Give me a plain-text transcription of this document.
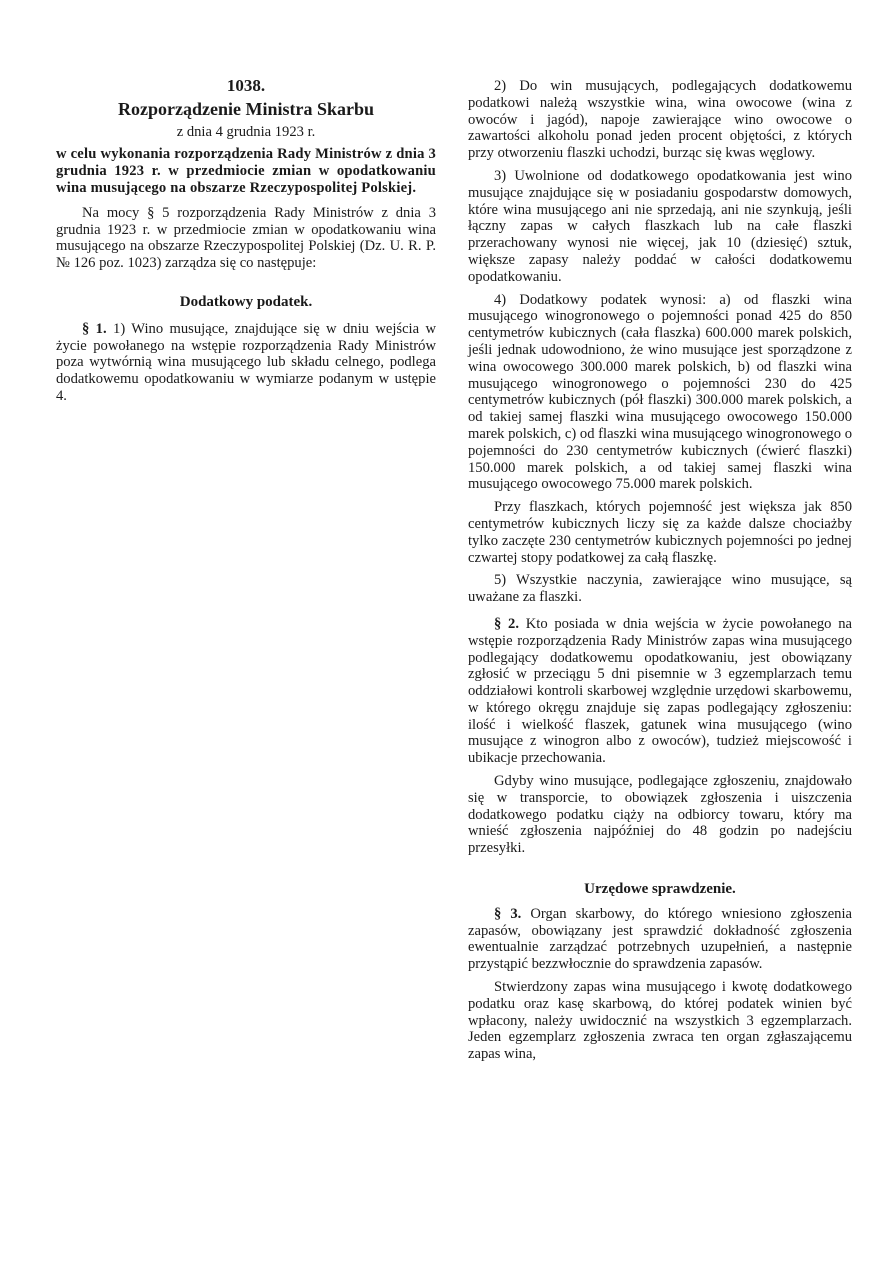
1038.

Rozporządzenie Ministra Skarbu

z dnia 4 grudnia 1923 r.

w celu wykonania rozporządzenia Rady Ministrów z dnia 3 grudnia 1923 r. w przedmiocie zmian w opodatkowaniu wina musującego na obszarze Rzeczypospolitej Polskiej.

Na mocy § 5 rozporządzenia Rady Ministrów z dnia 3 grudnia 1923 r. w przedmiocie zmian w opodatkowaniu wina musującego na obszarze Rzeczypospolitej Polskiej (Dz. U. R. P. № 126 poz. 1023) zarządza się co następuje:

Dodatkowy podatek.

§ 1. 1) Wino musujące, znajdujące się w dniu wejścia w życie powołanego na wstępie rozporządzenia Rady Ministrów poza wytwórnią wina musującego lub składu celnego, podlega dodatkowemu opodatkowaniu w wymiarze podanym w ustępie 4.

2) Do win musujących, podlegających dodatkowemu podatkowi należą wszystkie wina, wina owocowe (wina z owoców i jagód), napoje zawierające wino owocowe o zawartości alkoholu ponad jeden procent objętości, z których przy otworzeniu flaszki uchodzi, burząc się kwas węglowy.

3) Uwolnione od dodatkowego opodatkowania jest wino musujące znajdujące się w posiadaniu gospodarstw domowych, które wina musującego ani nie sprzedają, ani nie szynkują, jeśli łączny zapas w całych flaszkach lub na całe flaszki przerachowany wynosi nie więcej, jak 10 (dziesięć) sztuk, większe zapasy należy poddać w całości dodatkowemu opodatkowaniu.

4) Dodatkowy podatek wynosi: a) od flaszki wina musującego winogronowego o pojemności ponad 425 do 850 centymetrów kubicznych (cała flaszka) 600.000 marek polskich, jeśli jednak udowodniono, że wino musujące jest sporządzone z wina owocowego 300.000 marek polskich, b) od flaszki wina musującego winogronowego o pojemności 230 do 425 centymetrów kubicznych (pół flaszki) 300.000 marek polskich, a od takiej samej flaszki wina musującego owocowego 150.000 marek polskich, c) od flaszki wina musującego winogronowego o pojemności do 230 centymetrów kubicznych (ćwierć flaszki) 150.000 marek polskich, a od takiej samej flaszki wina musującego owocowego 75.000 marek polskich.

Przy flaszkach, których pojemność jest większa jak 850 centymetrów kubicznych liczy się za każde dalsze chociażby tylko zaczęte 230 centymetrów kubicznych pojemności po jednej czwartej stopy podatkowej za całą flaszkę.

5) Wszystkie naczynia, zawierające wino musujące, są uważane za flaszki.

§ 2. Kto posiada w dnia wejścia w życie powołanego na wstępie rozporządzenia Rady Ministrów zapas wina musującego podlegający dodatkowemu opodatkowaniu, jest obowiązany zgłosić w przeciągu 5 dni pisemnie w 3 egzemplarzach temu oddziałowi kontroli skarbowej względnie urzędowi skarbowemu, w którego okręgu znajduje się zapas podlegający zgłoszeniu: ilość i wielkość flaszek, gatunek wina musującego (wino musujące z winogron albo z owoców), tudzież miejscowość i ubikacje przechowania.

Gdyby wino musujące, podlegające zgłoszeniu, znajdowało się w transporcie, to obowiązek zgłoszenia i uiszczenia dodatkowego podatku ciąży na odbiorcy towaru, który ma wnieść zgłoszenia najpóźniej do 48 godzin po nadejściu przesyłki.

Urzędowe sprawdzenie.

§ 3. Organ skarbowy, do którego wniesiono zgłoszenia zapasów, obowiązany jest sprawdzić dokładność zgłoszenia ewentualnie zarządzać potrzebnych uzupełnień, a następnie przystąpić bezzwłocznie do sprawdzenia zapasów.

Stwierdzony zapas wina musującego i kwotę dodatkowego podatku oraz kasę skarbową, do której podatek winien być wpłacony, należy uwidocznić na wszystkich 3 egzemplarzach. Jeden egzemplarz zgłoszenia zwraca ten organ zgłaszającemu zapas wina,
